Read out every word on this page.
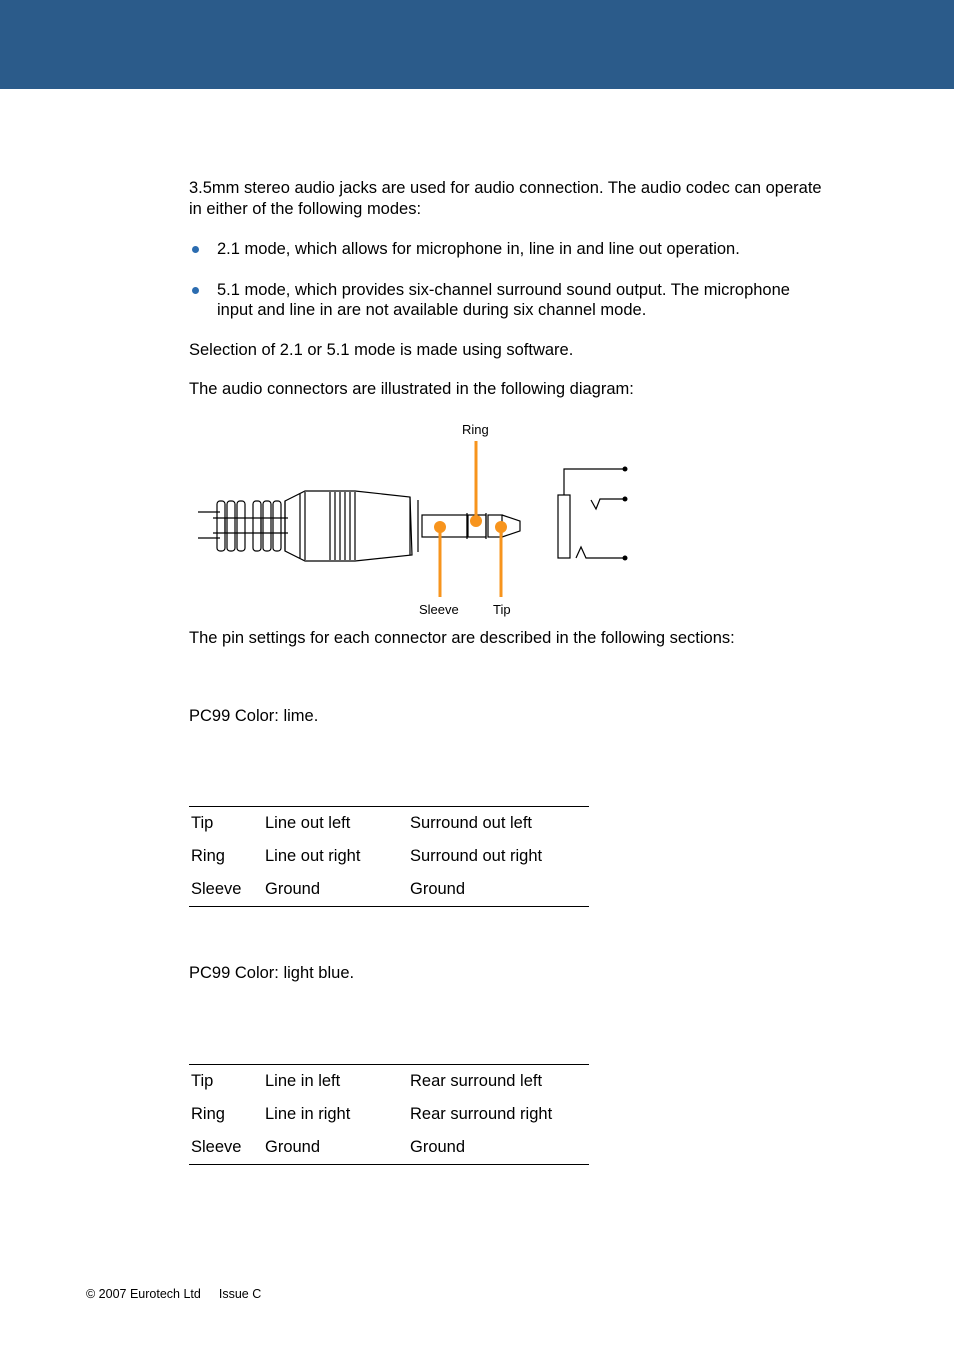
3.5mm stereo audio jacks are used for audio connection. The audio codec can operate
in either of the following modes:

2.1 mode, which allows for microphone in, line in and line out operation.
5.1 mode, which provides six-channel surround sound output. The microphone
input and line in are not available during six channel mode.

Selection of 2.1 or 5.1 mode is made using software.

The audio connectors are illustrated in the following diagram:

Ring
Sleeve	Tip

The pin settings for each connector are described in the following sections:

PC99 Color: lime.

Tip	Line out left	Surround out left
Ring	Line out right	Surround out right
Sleeve	Ground	Ground

PC99 Color: light blue.

Tip	Line in left	Rear surround left
Ring	Line in right	Rear surround right
Sleeve	Ground	Ground
© 2007 Eurotech Ltd Issue C
